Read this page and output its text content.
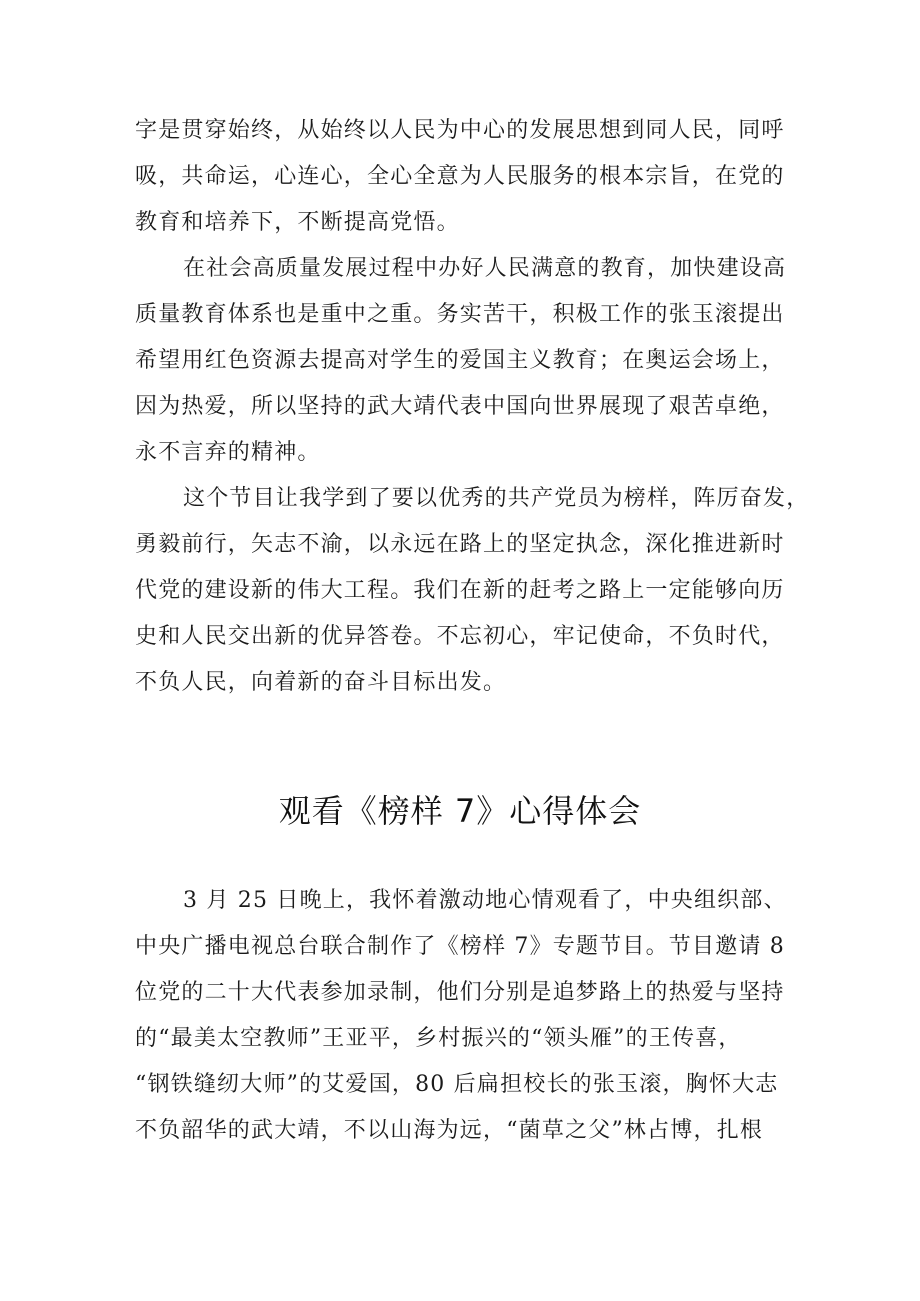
字是贯穿始终，从始终以人民为中心的发展思想到同人民，同呼
吸，共命运，心连心，全心全意为人民服务的根本宗旨，在党的
教育和培养下，不断提高党悟。
在社会高质量发展过程中办好人民满意的教育，加快建设高
质量教育体系也是重中之重。务实苦干，积极工作的张玉滚提出
希望用红色资源去提高对学生的爱国主义教育；在奥运会场上，
因为热爱，所以坚持的武大靖代表中国向世界展现了艰苦卓绝，
永不言弃的精神。
这个节目让我学到了要以优秀的共产党员为榜样，阵厉奋发，
勇毅前行，矢志不渝，以永远在路上的坚定执念，深化推进新时
代党的建设新的伟大工程。我们在新的赶考之路上一定能够向历
史和人民交出新的优异答卷。不忘初心，牢记使命，不负时代，
不负人民，向着新的奋斗目标出发。
观看《榜样 7》心得体会
3 月 25 日晚上，我怀着激动地心情观看了，中央组织部、
中央广播电视总台联合制作了《榜样 7》专题节目。节目邀请 8
位党的二十大代表参加录制，他们分别是追梦路上的热爱与坚持
的“最美太空教师”王亚平，乡村振兴的“领头雁”的王传喜，
“钢铁缝纫大师”的艾爱国，80 后扁担校长的张玉滚，胸怀大志
不负韶华的武大靖，不以山海为远，“菌草之父”林占博，扎根
